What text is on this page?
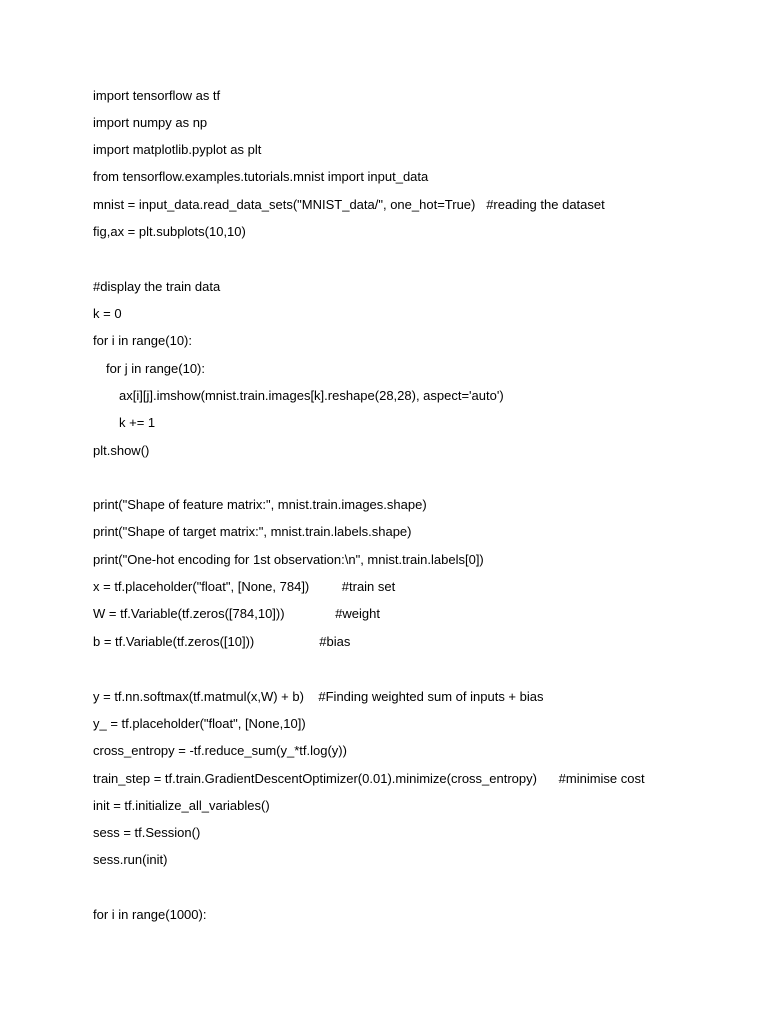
import tensorflow as tf
import numpy as np
import matplotlib.pyplot as plt
from tensorflow.examples.tutorials.mnist import input_data
mnist = input_data.read_data_sets("MNIST_data/", one_hot=True)   #reading the dataset
fig,ax = plt.subplots(10,10)
#display the train data
k = 0
for i in range(10):
for j in range(10):
ax[i][j].imshow(mnist.train.images[k].reshape(28,28), aspect='auto')
k += 1
plt.show()
print("Shape of feature matrix:", mnist.train.images.shape)
print("Shape of target matrix:", mnist.train.labels.shape)
print("One-hot encoding for 1st observation:\n", mnist.train.labels[0])
x = tf.placeholder("float", [None, 784])         #train set
W = tf.Variable(tf.zeros([784,10]))              #weight
b = tf.Variable(tf.zeros([10]))                  #bias
y = tf.nn.softmax(tf.matmul(x,W) + b)    #Finding weighted sum of inputs + bias
y_ = tf.placeholder("float", [None,10])
cross_entropy = -tf.reduce_sum(y_*tf.log(y))
train_step = tf.train.GradientDescentOptimizer(0.01).minimize(cross_entropy)      #minimise cost
init = tf.initialize_all_variables()
sess = tf.Session()
sess.run(init)
for i in range(1000):
